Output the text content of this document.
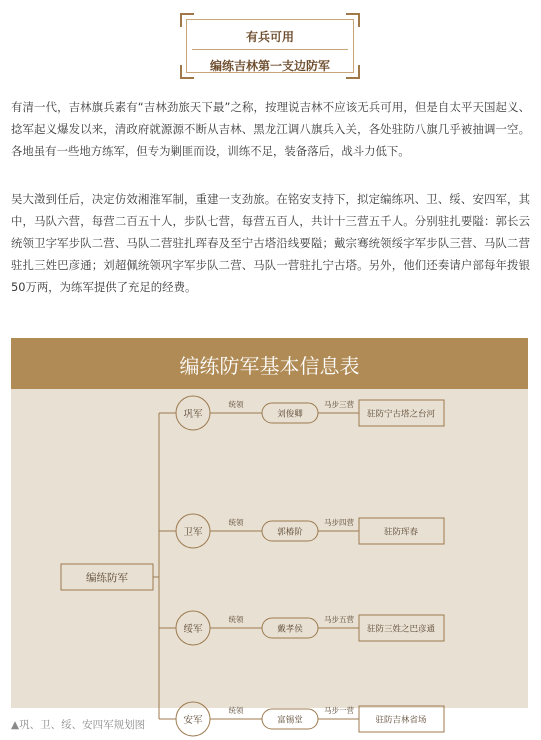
有兵可用
编练吉林第一支边防军

有清一代，吉林旗兵素有“吉林劲旅天下最”之称，按理说吉林不应该无兵可用，但是自太平天国起义、捻军起义爆发以来，清政府就源源不断从吉林、黑龙江调八旗兵入关，各处驻防八旗几乎被抽调一空。各地虽有一些地方练军，但专为剿匪而设，训练不足，装备落后，战斗力低下。

吴大澂到任后，决定仿效湘淮军制，重建一支劲旅。在铭安支持下，拟定编练巩、卫、绥、安四军，其中，马队六营，每营二百五十人，步队七营，每营五百人，共计十三营五千人。分别驻扎要隘：郭长云统领卫字军步队二营、马队二营驻扎珲春及至宁古塔沿线要隘；戴宗骞统领绥字军步队三营、马队二营驻扎三姓巴彦通；刘超佩统领巩字军步队二营、马队一营驻扎宁古塔。另外，他们还奏请户部每年拨银50万两，为练军提供了充足的经费。

编练防军基本信息表
编练防军
巩军
统领
刘俊卿
马步三营
驻防宁古塔之台河
卫军
统领
郭椿阶
马步四营
驻防珲春
绥军
统领
戴孝侯
马步五营
驻防三姓之巴彦通
安军
统领
富锡堂
马步一营
驻防吉林省场
▲巩、卫、绥、安四军规划图
